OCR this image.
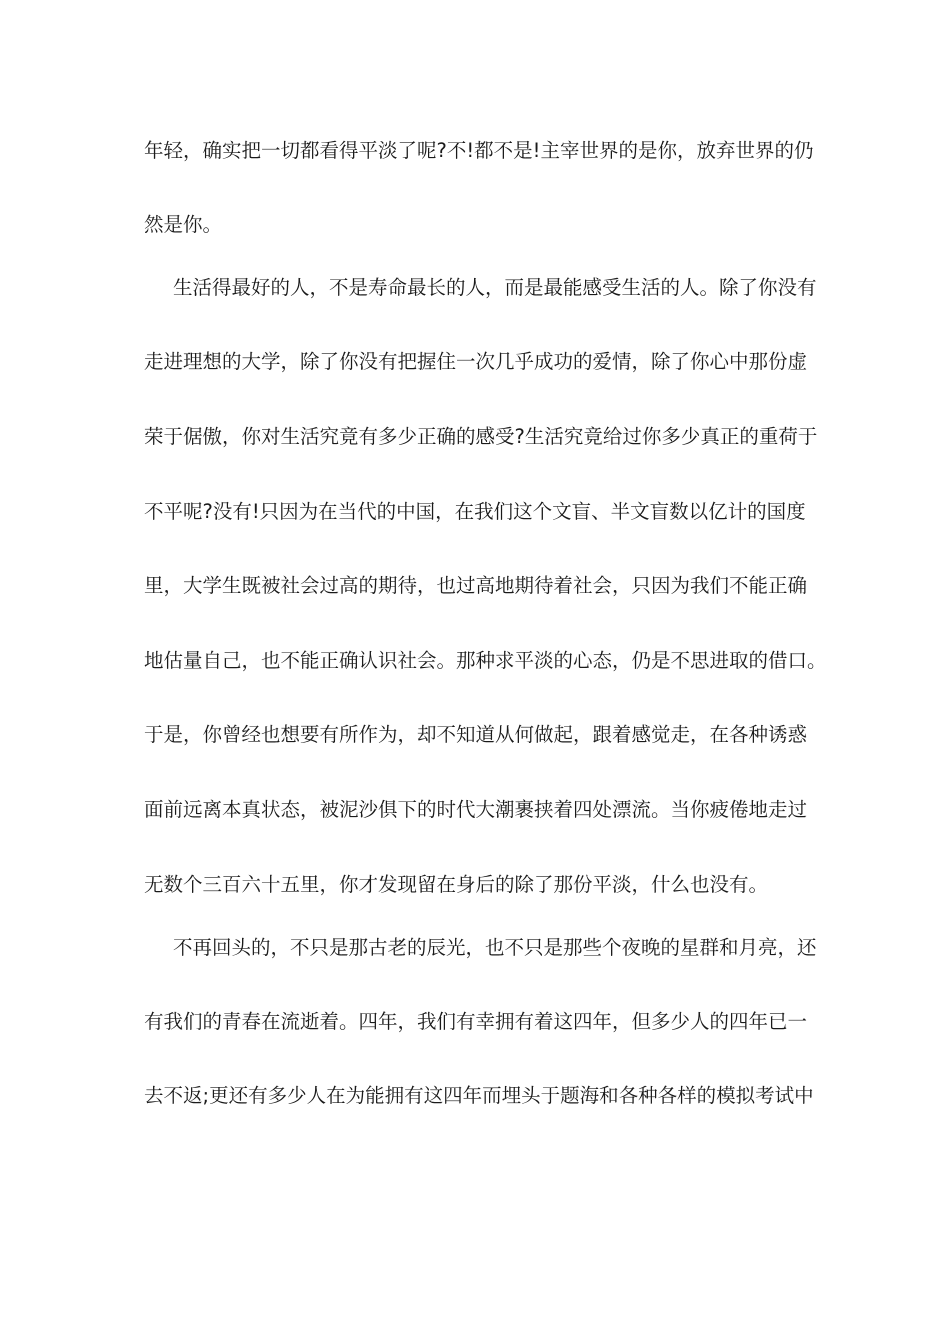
年轻，确实把一切都看得平淡了呢?不!都不是!主宰世界的是你，放弃世界的仍
然是你。
生活得最好的人，不是寿命最长的人，而是最能感受生活的人。除了你没有
走进理想的大学，除了你没有把握住一次几乎成功的爱情，除了你心中那份虚
荣于倨傲，你对生活究竟有多少正确的感受?生活究竟给过你多少真正的重荷于
不平呢?没有!只因为在当代的中国，在我们这个文盲、半文盲数以亿计的国度
里，大学生既被社会过高的期待，也过高地期待着社会，只因为我们不能正确
地估量自己，也不能正确认识社会。那种求平淡的心态，仍是不思进取的借口。
于是，你曾经也想要有所作为，却不知道从何做起，跟着感觉走，在各种诱惑
面前远离本真状态，被泥沙俱下的时代大潮裹挟着四处漂流。当你疲倦地走过
无数个三百六十五里，你才发现留在身后的除了那份平淡，什么也没有。
不再回头的，不只是那古老的辰光，也不只是那些个夜晚的星群和月亮，还
有我们的青春在流逝着。四年，我们有幸拥有着这四年，但多少人的四年已一
去不返;更还有多少人在为能拥有这四年而埋头于题海和各种各样的模拟考试中
